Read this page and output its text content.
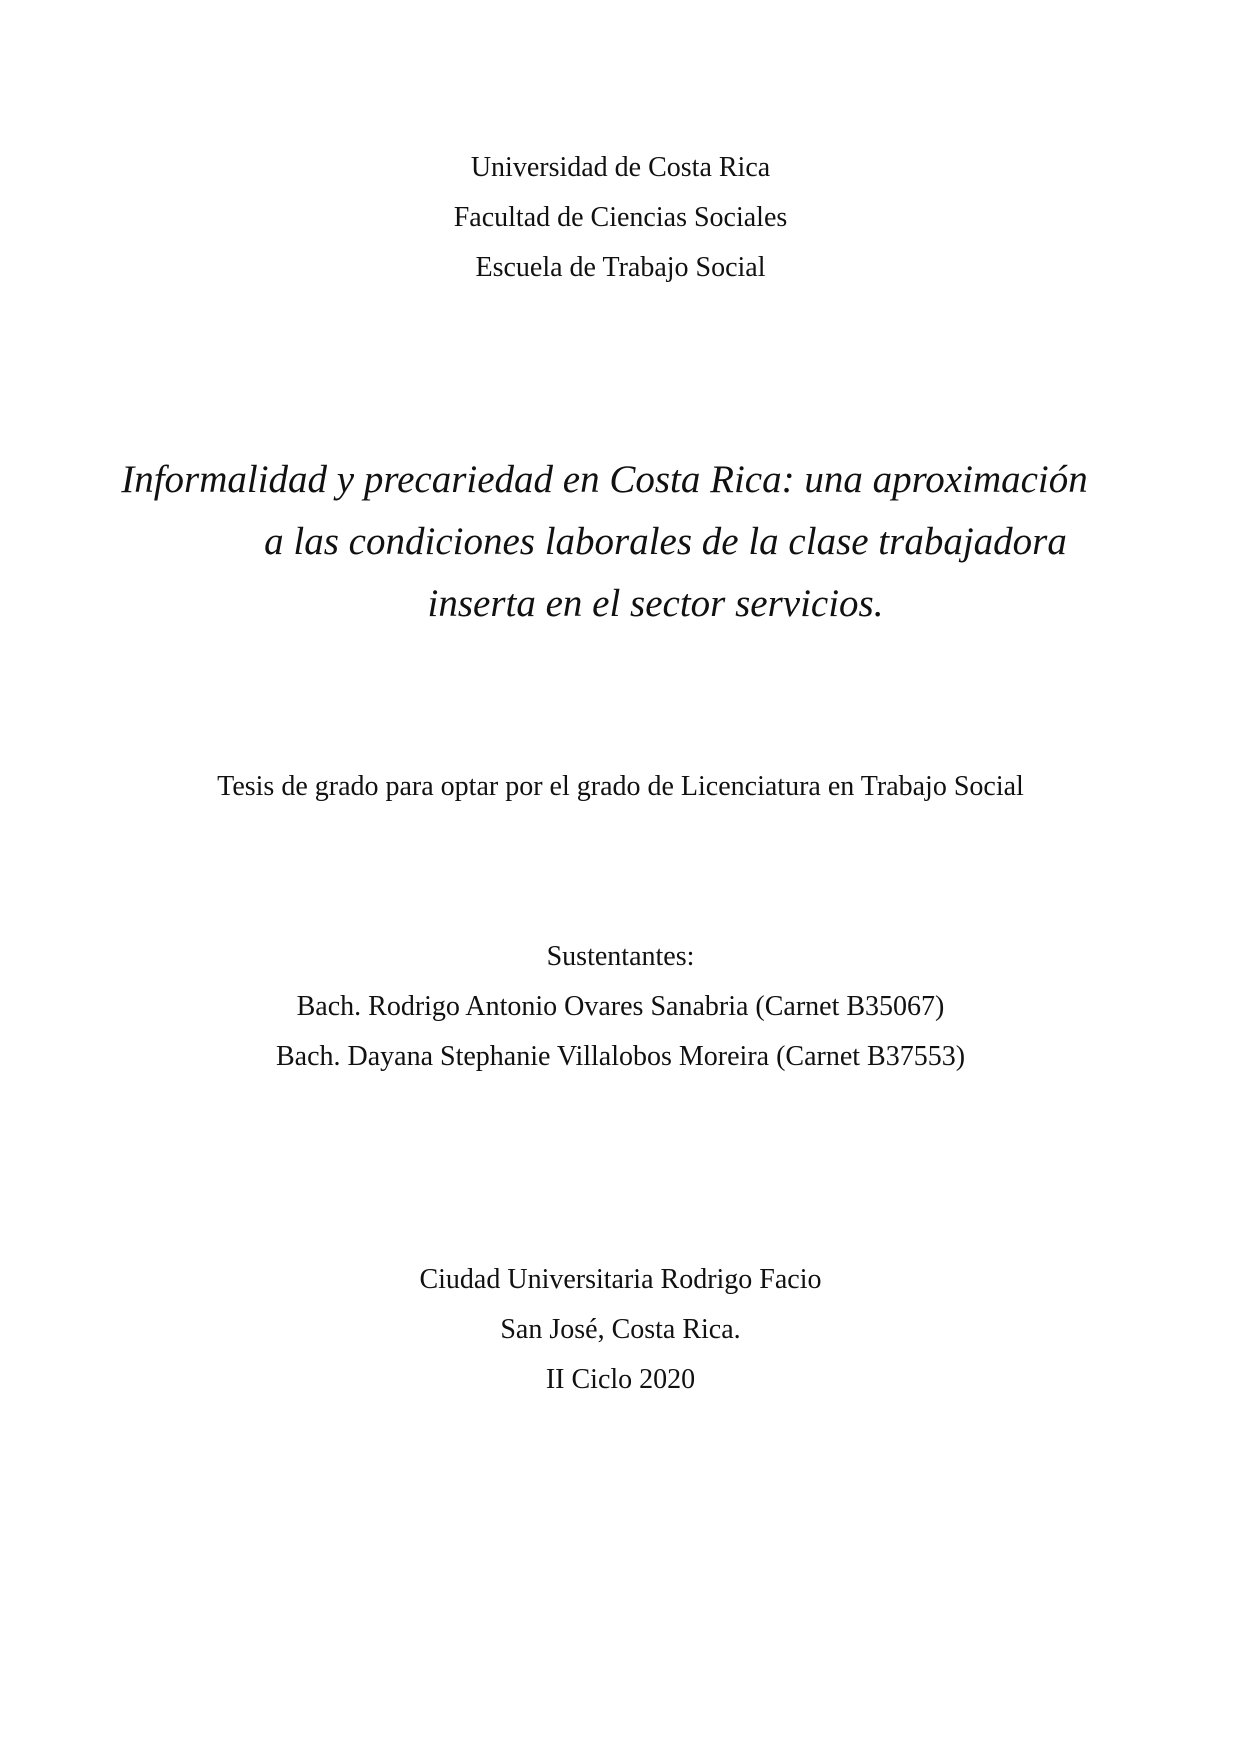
Universidad de Costa Rica
Facultad de Ciencias Sociales
Escuela de Trabajo Social
Informalidad y precariedad en Costa Rica: una aproximación
a las condiciones laborales de la clase trabajadora
inserta en el sector servicios.
Tesis de grado para optar por el grado de Licenciatura en Trabajo Social
Sustentantes:
Bach. Rodrigo Antonio Ovares Sanabria (Carnet B35067)
Bach. Dayana Stephanie Villalobos Moreira (Carnet B37553)
Ciudad Universitaria Rodrigo Facio
San José, Costa Rica.
II Ciclo 2020
